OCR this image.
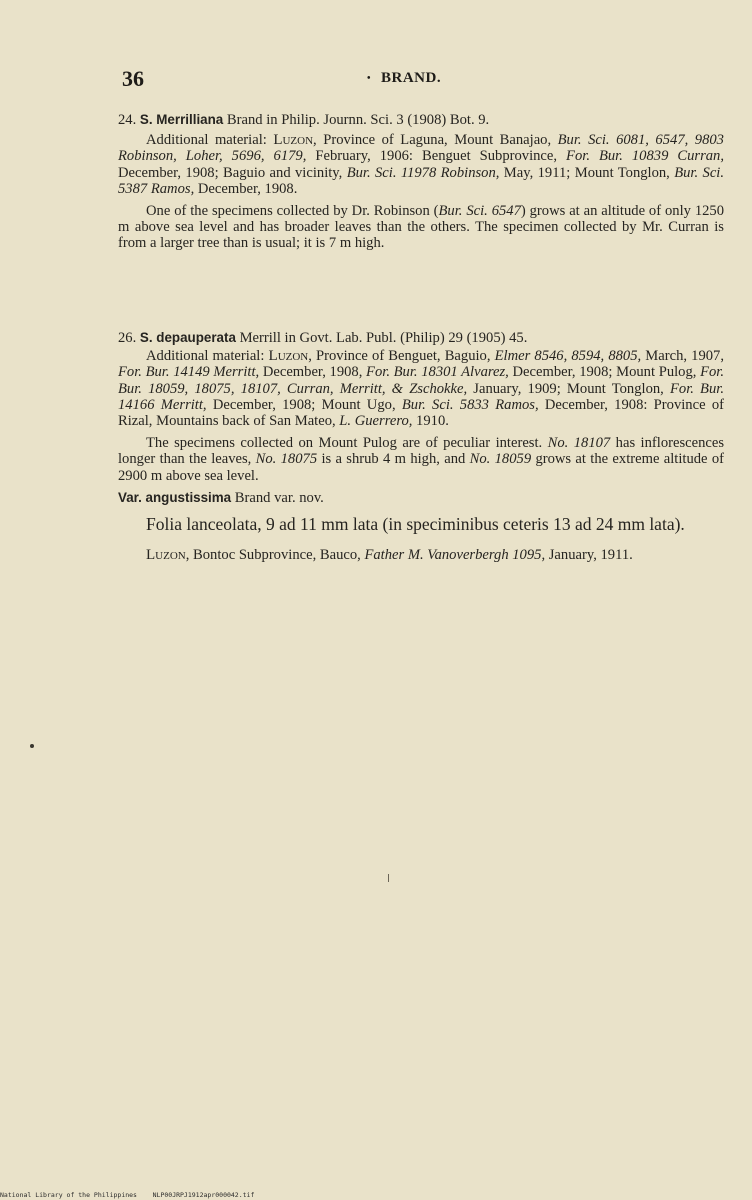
36	• BRAND.

24. S. Merrilliana Brand in Philip. Journn. Sci. 3 (1908) Bot. 9.

Additional material: Luzon, Province of Laguna, Mount Banajao, Bur. Sci. 6081, 6547, 9803 Robinson, Loher, 5696, 6179, February, 1906: Benguet Subprovince, For. Bur. 10839 Curran, December, 1908; Baguio and vicinity, Bur. Sci. 11978 Robinson, May, 1911; Mount Tonglon, Bur. Sci. 5387 Ramos, December, 1908.

One of the specimens collected by Dr. Robinson (Bur. Sci. 6547) grows at an altitude of only 1250 m above sea level and has broader leaves than the others. The specimen collected by Mr. Curran is from a larger tree than is usual; it is 7 m high.

26. S. depauperata Merrill in Govt. Lab. Publ. (Philip) 29 (1905) 45.

Additional material: Luzon, Province of Benguet, Baguio, Elmer 8546, 8594, 8805, March, 1907, For. Bur. 14149 Merritt, December, 1908, For. Bur. 18301 Alvarez, December, 1908; Mount Pulog, For. Bur. 18059, 18075, 18107, Curran, Merritt, & Zschokke, January, 1909; Mount Tonglon, For. Bur. 14166 Merritt, December, 1908; Mount Ugo, Bur. Sci. 5833 Ramos, December, 1908: Province of Rizal, Mountains back of San Mateo, L. Guerrero, 1910.

The specimens collected on Mount Pulog are of peculiar interest. No. 18107 has inflorescences longer than the leaves, No. 18075 is a shrub 4 m high, and No. 18059 grows at the extreme altitude of 2900 m above sea level.

Var. angustissima Brand var. nov.

Folia lanceolata, 9 ad 11 mm lata (in speciminibus ceteris 13 ad 24 mm lata).

Luzon, Bontoc Subprovince, Bauco, Father M. Vanoverbergh 1095, January, 1911.

National Library of the Philippines NLP00JRPJ1912apr000042.tif
